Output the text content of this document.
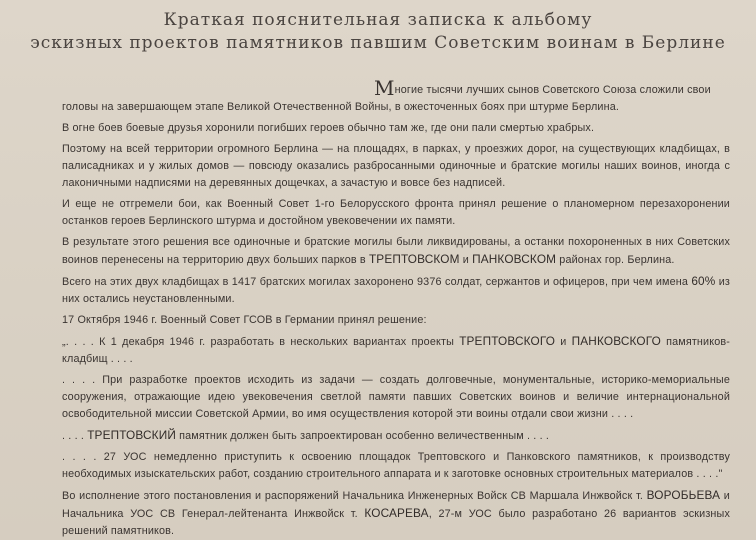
Краткая пояснительная записка к альбому
эскизных проектов памятников павшим Советским воинам в Берлине
Многие тысячи лучших сынов Советского Союза сложили свои
головы на завершающем этапе Великой Отечественной Войны, в ожесточенных боях при штурме Берлина.
В огне боев боевые друзья хоронили погибших героев обычно там же, где они пали смертью храбрых.
Поэтому на всей территории огромного Берлина — на площадях, в парках, у проезжих дорог, на существующих кладбищах, в палисадниках и у жилых домов — повсюду оказались разбросанными одиночные и братские могилы наших воинов, иногда с лаконичными надписями на деревянных дощечках, а зачастую и вовсе без надписей.
И еще не отгремели бои, как Военный Совет 1-го Белорусского фронта принял решение о планомерном перезахоронении останков героев Берлинского штурма и достойном увековечении их памяти.
В результате этого решения все одиночные и братские могилы были ликвидированы, а останки похороненных в них Советских воинов перенесены на территорию двух больших парков в ТРЕПТОВСКОМ и ПАНКОВСКОМ районах гор. Берлина.
Всего на этих двух кладбищах в 1417 братских могилах захоронено 9376 солдат, сержантов и офицеров, при чем имена 60% из них остались неустановленными.
17 Октября 1946 г. Военный Совет ГСОВ в Германии принял решение:
„. . . . К 1 декабря 1946 г. разработать в нескольких вариантах проекты ТРЕПТОВСКОГО и ПАНКОВСКОГО памятников-кладбищ . . . .
. . . . При разработке проектов исходить из задачи — создать долговечные, монументальные, историко-мемориальные сооружения, отражающие идею увековечения светлой памяти павших Советских воинов и величие интернациональной освободительной миссии Советской Армии, во имя осуществления которой эти воины отдали свои жизни . . . .
. . . . ТРЕПТОВСКИЙ памятник должен быть запроектирован особенно величественным . . . .
. . . . 27 УОС немедленно приступить к освоению площадок Трептовского и Панковского памятников, к производству необходимых изыскательских работ, созданию строительного аппарата и к заготовке основных строительных материалов . . . ."
Во исполнение этого постановления и распоряжений Начальника Инженерных Войск СВ Маршала Инжвойск т. ВОРОБЬЕВА и Начальника УОС СВ Генерал-лейтенанта Инжвойск т. КОСАРЕВА, 27-м УОС было разработано 26 вариантов эскизных решений памятников.
